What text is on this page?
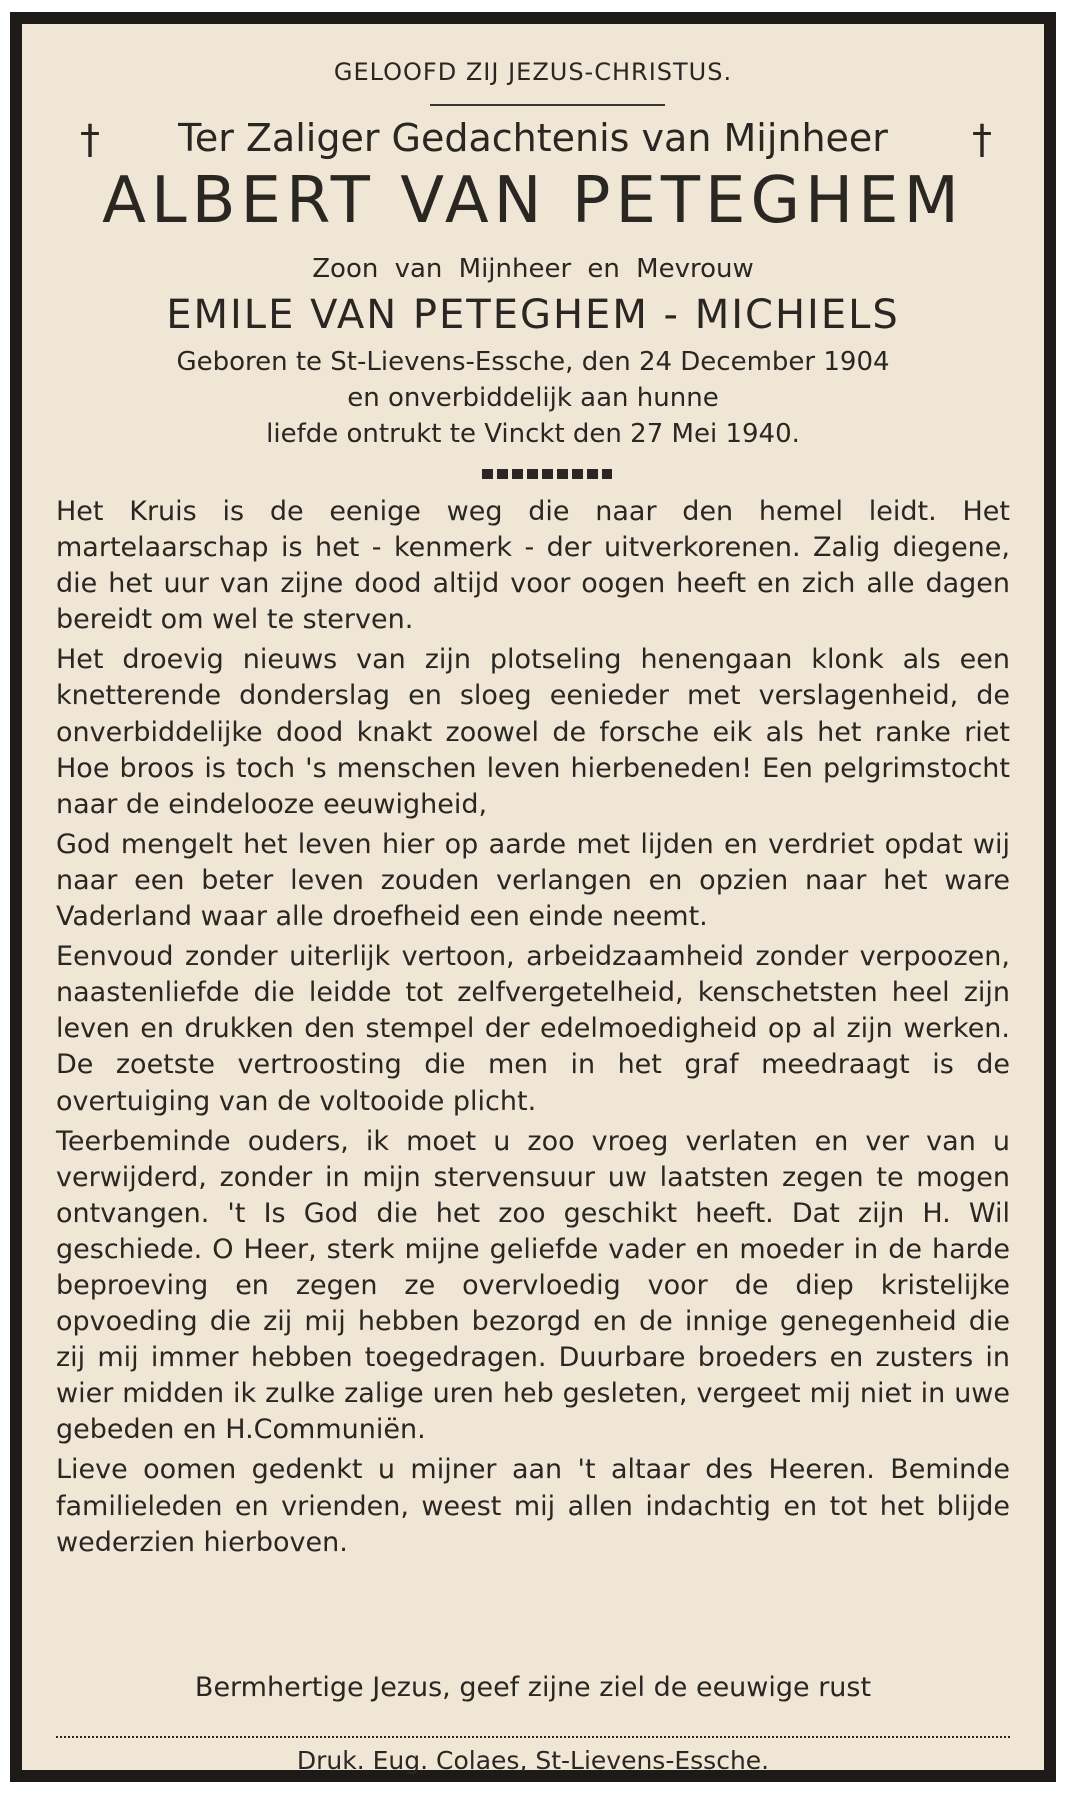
GELOOFD ZIJ JEZUS-CHRISTUS.
†	Ter Zaliger Gedachtenis van Mijnheer	†
ALBERT VAN PETEGHEM
Zoon van Mijnheer en Mevrouw
EMILE VAN PETEGHEM - MICHIELS
Geboren te St-Lievens-Essche, den 24 December 1904
en onverbiddelijk aan hunne
liefde ontrukt te Vinckt den 27 Mei 1940.

Het Kruis is de eenige weg die naar den hemel leidt. Het martelaarschap is het - kenmerk - der uitverkorenen. Zalig diegene, die het uur van zijne dood altijd voor oogen heeft en zich alle dagen bereidt om wel te sterven.

Het droevig nieuws van zijn plotseling henengaan klonk als een knetterende donderslag en sloeg eenieder met verslagenheid, de onverbiddelijke dood knakt zoowel de forsche eik als het ranke riet Hoe broos is toch 's menschen leven hierbeneden! Een pelgrimstocht naar de eindelooze eeuwigheid,

God mengelt het leven hier op aarde met lijden en verdriet opdat wij naar een beter leven zouden verlangen en opzien naar het ware Vaderland waar alle droefheid een einde neemt.

Eenvoud zonder uiterlijk vertoon, arbeidzaamheid zonder verpoozen, naastenliefde die leidde tot zelfvergetelheid, kenschetsten heel zijn leven en drukken den stempel der edelmoedigheid op al zijn werken. De zoetste vertroosting die men in het graf meedraagt is de overtuiging van de voltooide plicht.

Teerbeminde ouders, ik moet u zoo vroeg verlaten en ver van u verwijderd, zonder in mijn stervensuur uw laatsten zegen te mogen ontvangen. 't Is God die het zoo geschikt heeft. Dat zijn H. Wil geschiede. O Heer, sterk mijne geliefde vader en moeder in de harde beproeving en zegen ze overvloedig voor de diep kristelijke opvoeding die zij mij hebben bezorgd en de innige genegenheid die zij mij immer hebben toegedragen. Duurbare broeders en zusters in wier midden ik zulke zalige uren heb gesleten, vergeet mij niet in uwe gebeden en H.Communiën.

Lieve oomen gedenkt u mijner aan 't altaar des Heeren. Beminde familieleden en vrienden, weest mij allen indachtig en tot het blijde wederzien hierboven.

Bermhertige Jezus, geef zijne ziel de eeuwige rust
Druk. Eug. Colaes, St-Lievens-Essche.
